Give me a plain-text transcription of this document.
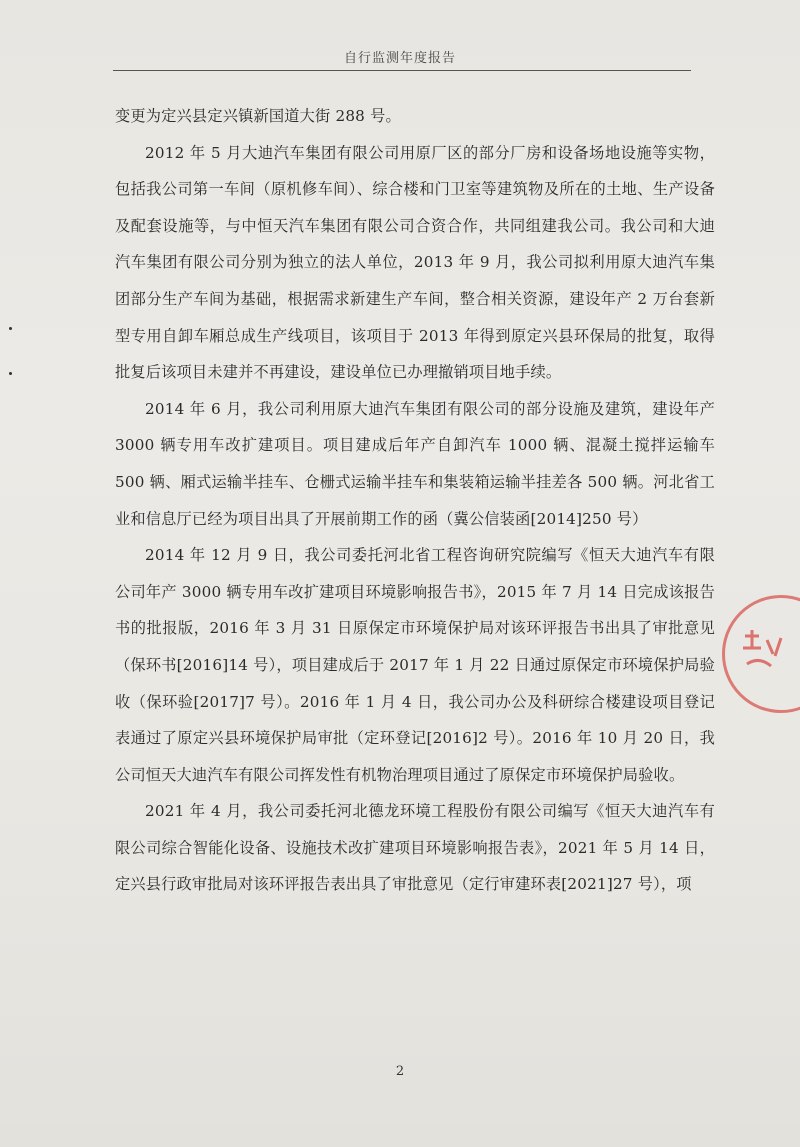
自行监测年度报告

变更为定兴县定兴镇新国道大街 288 号。

2012 年 5 月大迪汽车集团有限公司用原厂区的部分厂房和设备场地设施等实物，包括我公司第一车间（原机修车间）、综合楼和门卫室等建筑物及所在的土地、生产设备及配套设施等，与中恒天汽车集团有限公司合资合作，共同组建我公司。我公司和大迪汽车集团有限公司分别为独立的法人单位，2013 年 9 月，我公司拟利用原大迪汽车集团部分生产车间为基础，根据需求新建生产车间，整合相关资源，建设年产 2 万台套新型专用自卸车厢总成生产线项目，该项目于 2013 年得到原定兴县环保局的批复，取得批复后该项目未建并不再建设，建设单位已办理撤销项目地手续。

2014 年 6 月，我公司利用原大迪汽车集团有限公司的部分设施及建筑，建设年产 3000 辆专用车改扩建项目。项目建成后年产自卸汽车 1000 辆、混凝土搅拌运输车 500 辆、厢式运输半挂车、仓栅式运输半挂车和集装箱运输半挂差各 500 辆。河北省工业和信息厅已经为项目出具了开展前期工作的函（冀公信装函[2014]250 号）

2014 年 12 月 9 日，我公司委托河北省工程咨询研究院编写《恒天大迪汽车有限公司年产 3000 辆专用车改扩建项目环境影响报告书》，2015 年 7 月 14 日完成该报告书的批报版，2016 年 3 月 31 日原保定市环境保护局对该环评报告书出具了审批意见（保环书[2016]14 号），项目建成后于 2017 年 1 月 22 日通过原保定市环境保护局验收（保环验[2017]7 号）。2016 年 1 月 4 日，我公司办公及科研综合楼建设项目登记表通过了原定兴县环境保护局审批（定环登记[2016]2 号）。2016 年 10 月 20 日，我公司恒天大迪汽车有限公司挥发性有机物治理项目通过了原保定市环境保护局验收。

2021 年 4 月，我公司委托河北德龙环境工程股份有限公司编写《恒天大迪汽车有限公司综合智能化设备、设施技术改扩建项目环境影响报告表》，2021 年 5 月 14 日，定兴县行政审批局对该环评报告表出具了审批意见（定行审建环表[2021]27 号），项

2
